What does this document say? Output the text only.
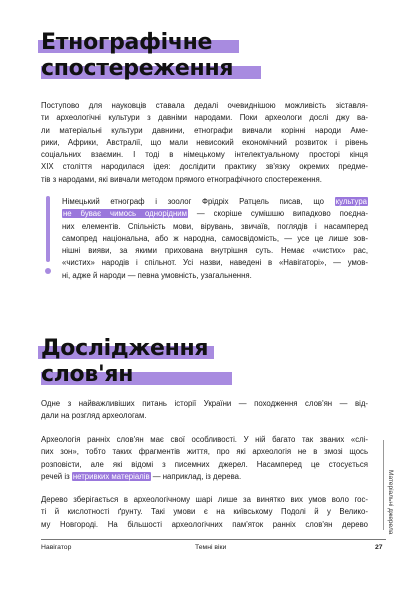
Етнографічне
спостереження
Поступово для науковців ставала дедалі очевиднішою можливість зіставля-
ти археологічні культури з давніми народами. Поки археологи дослі джу ва-
ли матеріальні культури давнини, етнографи вивчали корінні народи Аме-
рики, Африки, Австралії, що мали невисокий економічний розвиток і рівень
соціальних взаємин. І тоді в німецькому інтелектуальному просторі кінця
XIX століття народилася ідея: дослідити практику зв'язку окремих предме-
тів з народами, які вивчали методом прямого етнографічного спостереження.
Німецький етнограф і зоолог Фрідріх Ратцель писав, що культура
не буває чимось однорідним — скоріше сумішшю випадково поєдна-
них елементів. Спільність мови, вірувань, звичаїв, поглядів і насамперед
самопред національна, або ж народна, самосвідомість, — усе це лише зов-
нішні вияви, за якими прихована внутрішня суть. Немає «чистих» рас,
«чистих» народів і спільнот. Усі назви, наведені в «Навігаторі», — умов-
ні, адже й народи — певна умовність, узагальнення.
Дослідження
слов'ян
Одне з найважливіших питань історії України — походження слов'ян — від-
дали на розгляд археологам.
Археологія ранніх слов'ян має свої особливості. У ній багато так званих «слі-
пих зон», тобто таких фрагментів життя, про які археологія не в змозі щось
розповісти, але які відомі з писемних джерел. Насамперед це стосується
речей із нетривких матеріалів — наприклад, із дерева.
Дерево зберігається в археологічному шарі лише за винятко вих умов воло гос-
ті й кислотності ґрунту. Такі умови є на київському Подолі й у Велико-
му Новгороді. На більшості археологічних пам'яток ранніх слов'ян дерево	Матеріальні джерела
Навігатор	Темні віки	27
